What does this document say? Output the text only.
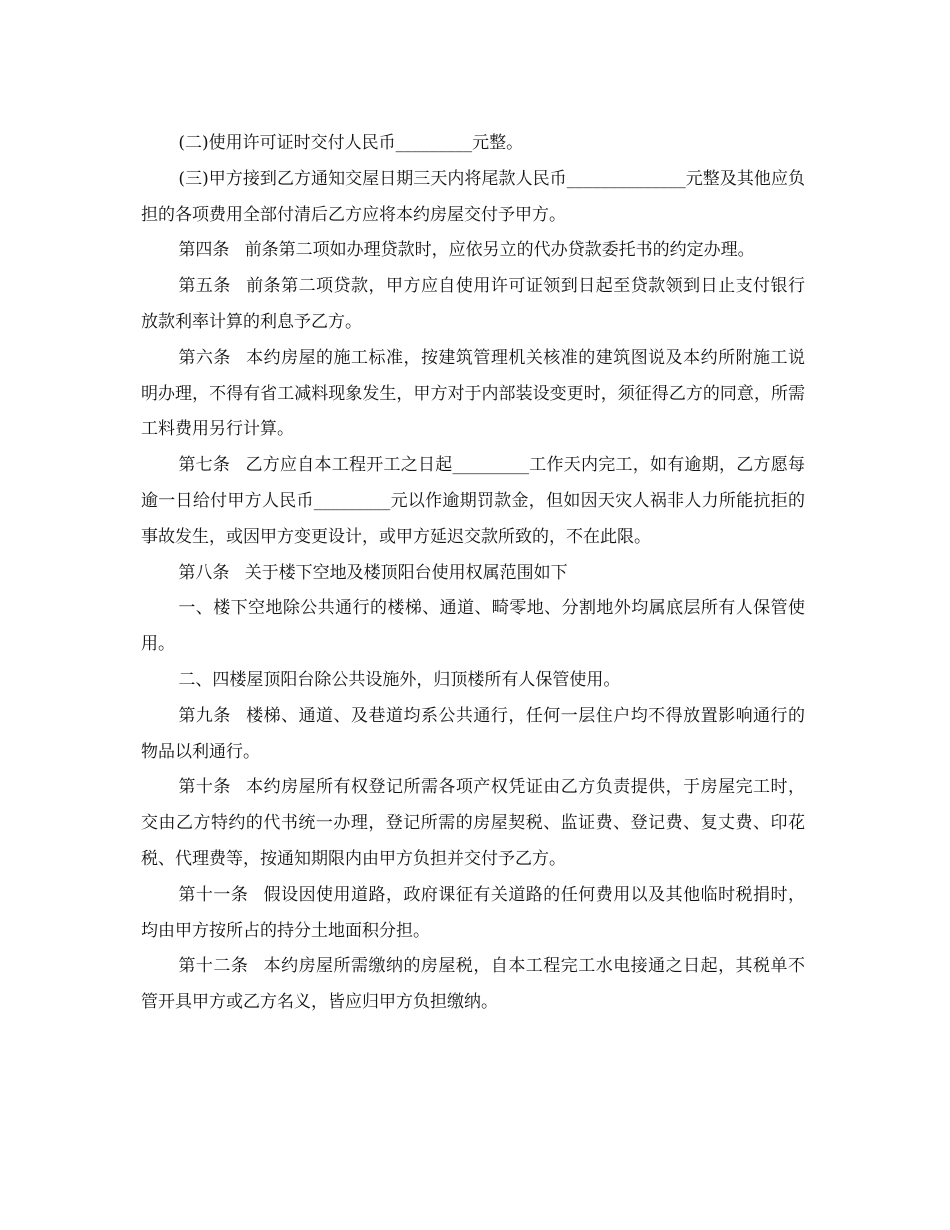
(二)使用许可证时交付人民币_________元整。

(三)甲方接到乙方通知交屋日期三天内将尾款人民币______________元整及其他应负担的各项费用全部付清后乙方应将本约房屋交付予甲方。

第四条 前条第二项如办理贷款时，应依另立的代办贷款委托书的约定办理。

第五条 前条第二项贷款，甲方应自使用许可证领到日起至贷款领到日止支付银行放款利率计算的利息予乙方。

第六条 本约房屋的施工标准，按建筑管理机关核准的建筑图说及本约所附施工说明办理，不得有省工减料现象发生，甲方对于内部装设变更时，须征得乙方的同意，所需工料费用另行计算。

第七条 乙方应自本工程开工之日起_________工作天内完工，如有逾期，乙方愿每逾一日给付甲方人民币_________元以作逾期罚款金，但如因天灾人祸非人力所能抗拒的事故发生，或因甲方变更设计，或甲方延迟交款所致的，不在此限。

第八条 关于楼下空地及楼顶阳台使用权属范围如下

一、楼下空地除公共通行的楼梯、通道、畸零地、分割地外均属底层所有人保管使用。

二、四楼屋顶阳台除公共设施外，归顶楼所有人保管使用。

第九条 楼梯、通道、及巷道均系公共通行，任何一层住户均不得放置影响通行的物品以利通行。

第十条 本约房屋所有权登记所需各项产权凭证由乙方负责提供，于房屋完工时，交由乙方特约的代书统一办理，登记所需的房屋契税、监证费、登记费、复丈费、印花税、代理费等，按通知期限内由甲方负担并交付予乙方。

第十一条 假设因使用道路，政府课征有关道路的任何费用以及其他临时税捐时，均由甲方按所占的持分土地面积分担。

第十二条 本约房屋所需缴纳的房屋税，自本工程完工水电接通之日起，其税单不管开具甲方或乙方名义，皆应归甲方负担缴纳。
